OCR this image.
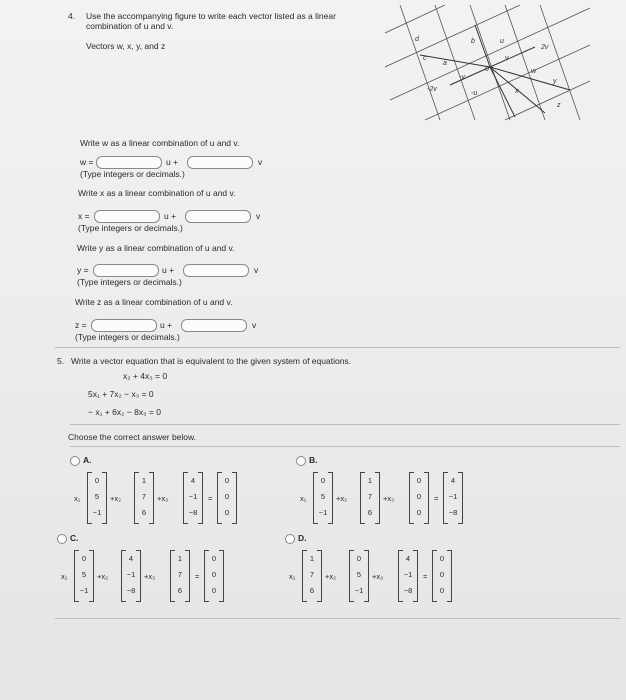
4. Use the accompanying figure to write each vector listed as a linear
combination of u and v.
Vectors w, x, y, and z
d	b
a
2v
c
u
v
w
0
-2v
-v
-u	x
y
z
Write w as a linear combination of u and v.
w =	u +	v
(Type integers or decimals.)
Write x as a linear combination of u and v.
x =	u +	v
(Type integers or decimals.)
Write y as a linear combination of u and v.
y =	u +	v
(Type integers or decimals.)
Write z as a linear combination of u and v.
z =	u +	v
(Type integers or decimals.)
5. Write a vector equation that is equivalent to the given system of equations.
x₂ + 4x₃ = 0
5x₁ + 7x₂ − x₃ = 0
− x₁ + 6x₂ − 8x₃ = 0
Choose the correct answer below.
A.
x₁
0
5
−1
+x₂
1
7
6
+x₃
4
−1
−8
=
0
0
0
B.
x₁
0
5
−1
+x₂
1
7
6
+x₃
0
0
0
=
4
−1
−8
C.
x₁
0
5
−1
+x₂
4
−1
−8
+x₃
1
7
6
=
0
0
0
D.
x₁
1
7
6
+x₂
0
5
−1
+x₃
4
−1
−8
=
0
0
0
